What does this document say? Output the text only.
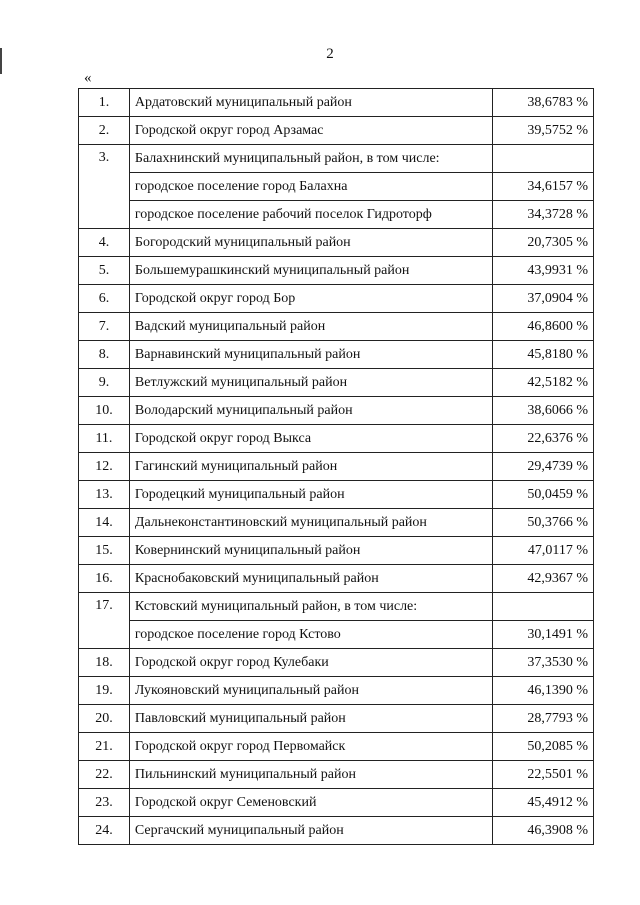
2
«
1.	Ардатовский муниципальный район	38,6783 %
2.	Городской округ город Арзамас	39,5752 %
3.	Балахнинский муниципальный район, в том числе:	
	городское поселение город Балахна	34,6157 %
	городское поселение рабочий поселок Гидроторф	34,3728 %
4.	Богородский муниципальный район	20,7305 %
5.	Большемурашкинский муниципальный район	43,9931 %
6.	Городской округ город Бор	37,0904 %
7.	Вадский муниципальный район	46,8600 %
8.	Варнавинский муниципальный район	45,8180 %
9.	Ветлужский муниципальный район	42,5182 %
10.	Володарский муниципальный район	38,6066 %
11.	Городской округ город Выкса	22,6376 %
12.	Гагинский муниципальный район	29,4739 %
13.	Городецкий муниципальный район	50,0459 %
14.	Дальнеконстантиновский муниципальный район	50,3766 %
15.	Ковернинский муниципальный район	47,0117 %
16.	Краснобаковский муниципальный район	42,9367 %
17.	Кстовский муниципальный район, в том числе:	
	городское поселение город Кстово	30,1491 %
18.	Городской округ город Кулебаки	37,3530 %
19.	Лукояновский муниципальный район	46,1390 %
20.	Павловский муниципальный район	28,7793 %
21.	Городской округ город Первомайск	50,2085 %
22.	Пильнинский муниципальный район	22,5501 %
23.	Городской округ Семеновский	45,4912 %
24.	Сергачский муниципальный район	46,3908 %
